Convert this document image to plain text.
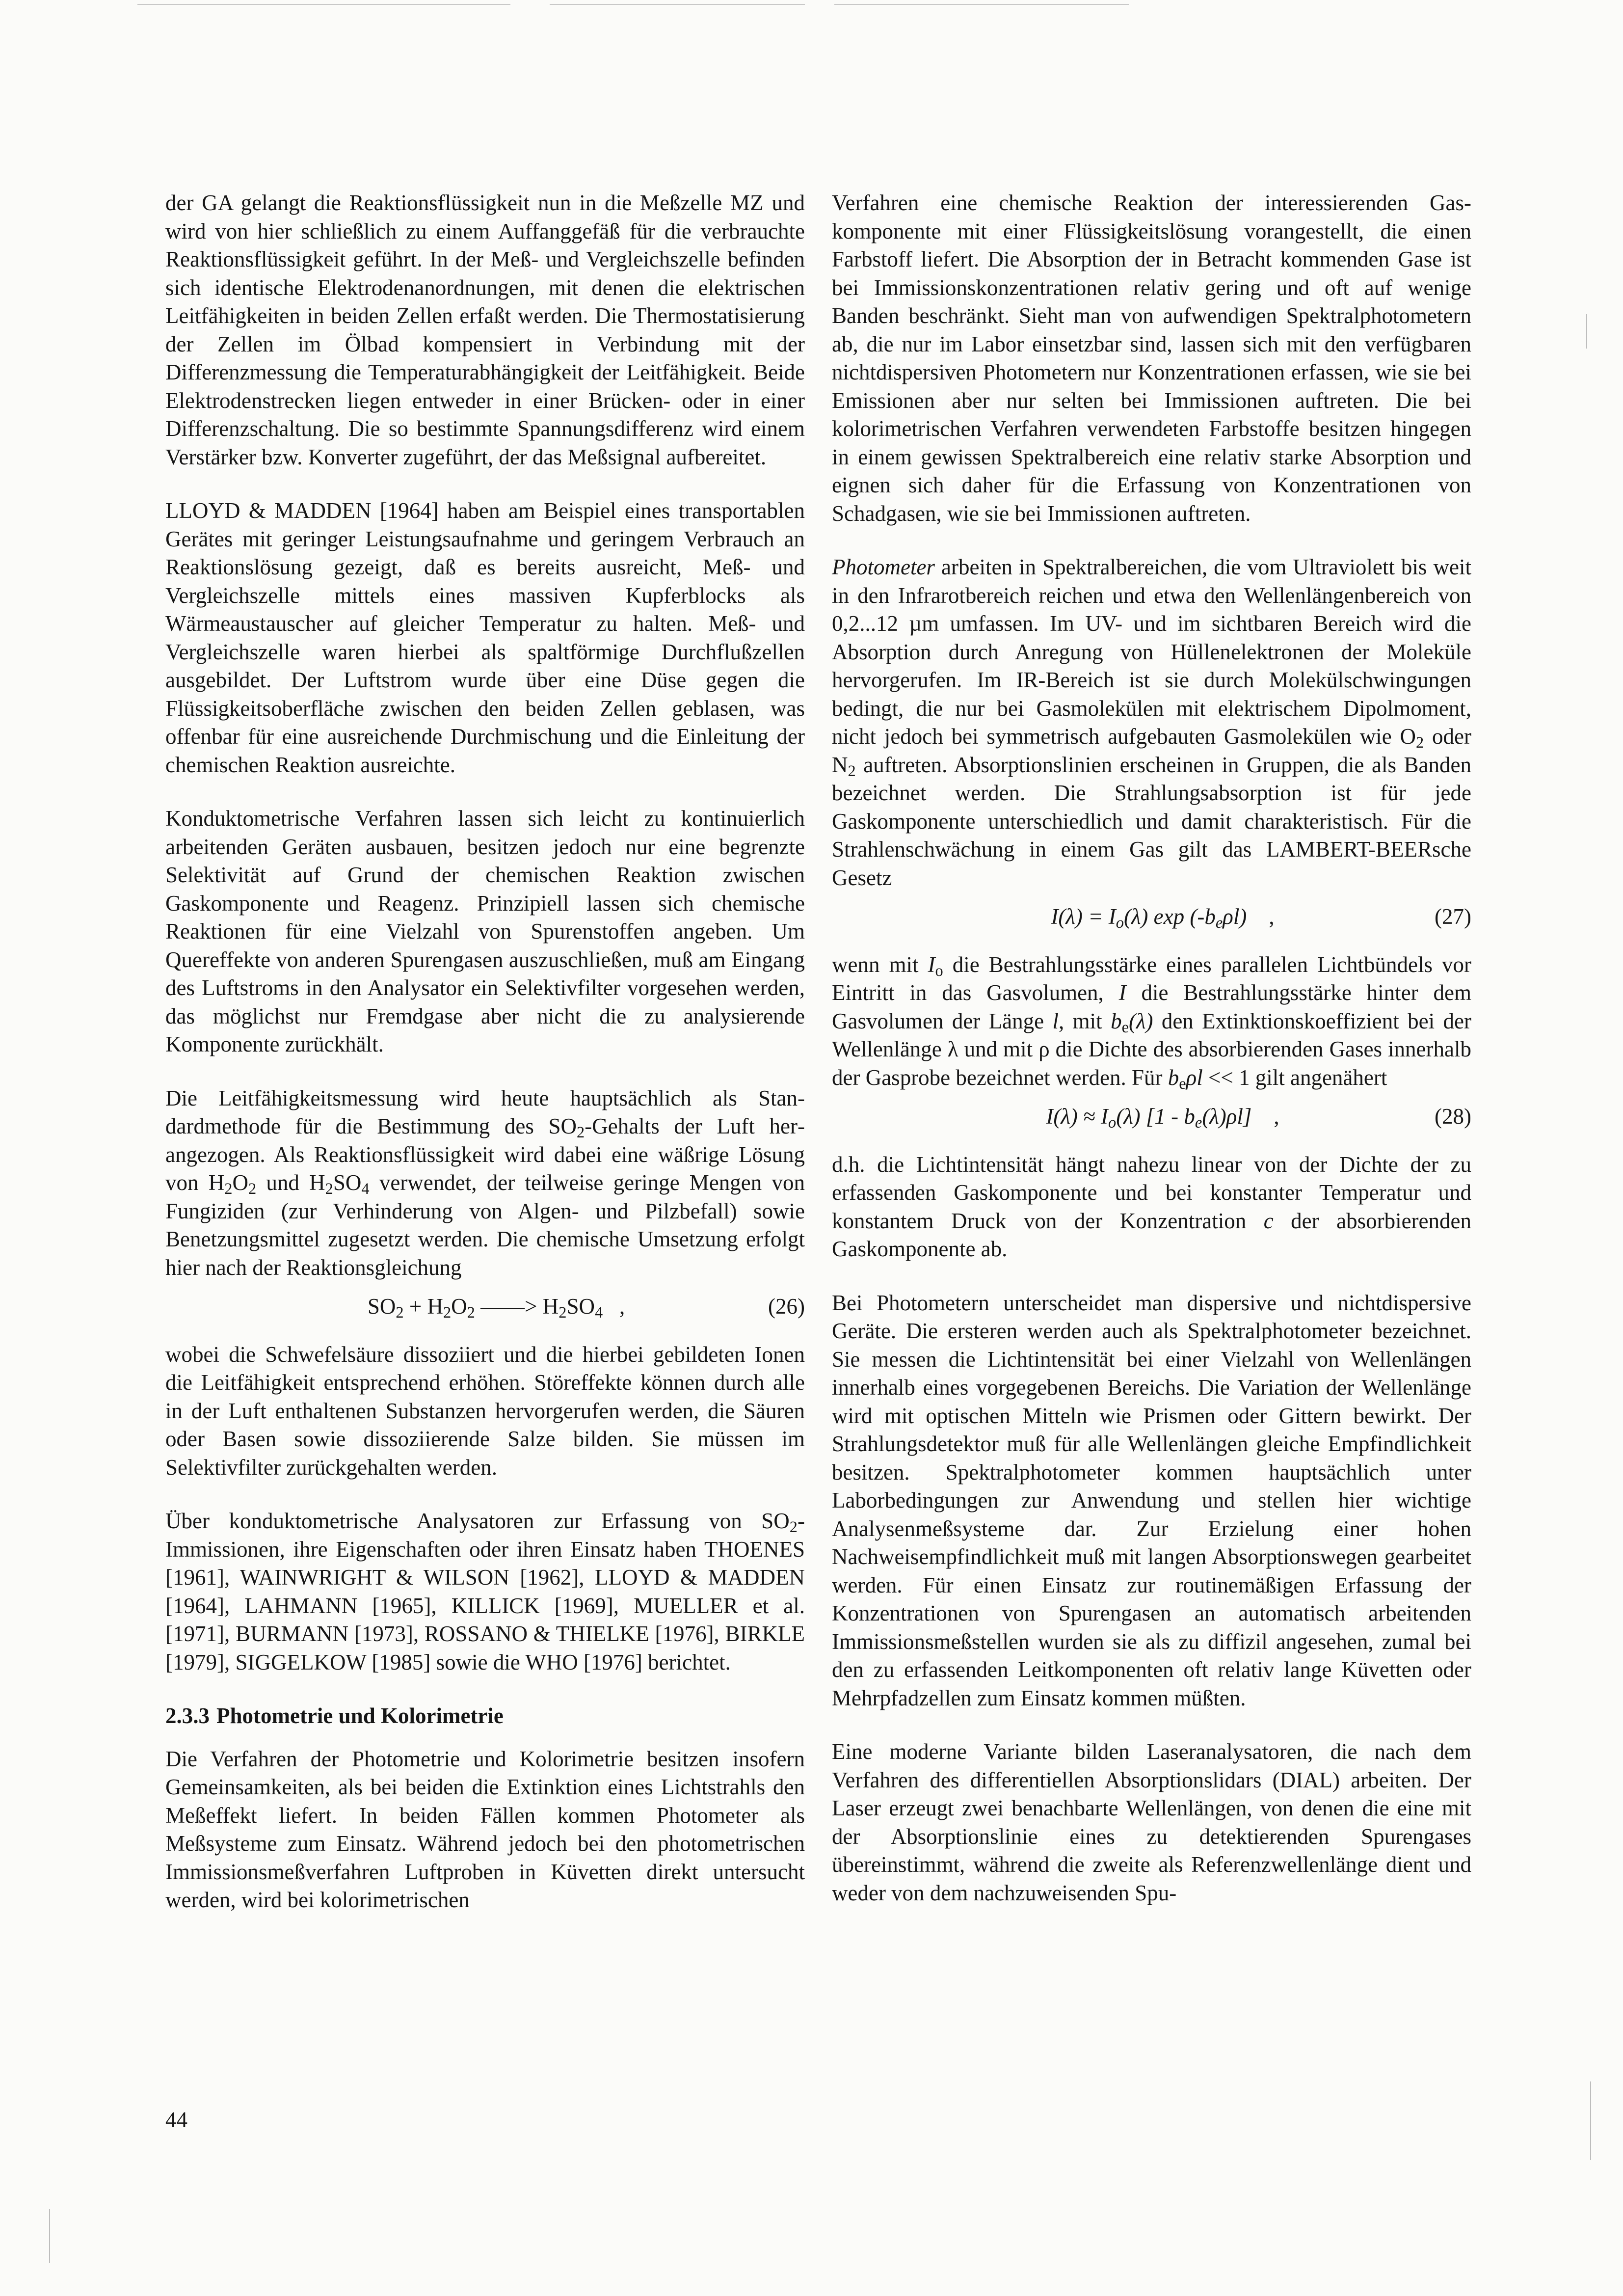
der GA gelangt die Reaktionsflüssigkeit nun in die Meßzelle MZ und wird von hier schließlich zu einem Auffanggefäß für die verbrauchte Reaktionsflüssigkeit geführt. In der Meß- und Vergleichszelle befinden sich identische Elektrodenanordnungen, mit denen die elektrischen Leitfähigkeiten in beiden Zellen erfaßt werden. Die Thermostatisierung der Zellen im Ölbad kompensiert in Verbindung mit der Differenzmessung die Temperaturabhängigkeit der Leitfähigkeit. Beide Elektrodenstrecken liegen entweder in einer Brücken- oder in einer Differenzschaltung. Die so bestimmte Spannungsdifferenz wird einem Verstärker bzw. Konverter zugeführt, der das Meßsignal aufbereitet.

LLOYD & MADDEN [1964] haben am Beispiel eines transportablen Gerätes mit geringer Leistungsaufnahme und geringem Verbrauch an Reaktionslösung gezeigt, daß es bereits ausreicht, Meß- und Vergleichszelle mittels eines massiven Kupferblocks als Wärmeaustauscher auf gleicher Temperatur zu halten. Meß- und Vergleichszelle waren hierbei als spaltförmige Durchflußzellen ausgebildet. Der Luftstrom wurde über eine Düse gegen die Flüssigkeitsoberfläche zwischen den beiden Zellen geblasen, was offenbar für eine ausreichende Durchmischung und die Einleitung der chemischen Reaktion ausreichte.

Konduktometrische Verfahren lassen sich leicht zu kontinuierlich arbeitenden Geräten ausbauen, besitzen jedoch nur eine begrenzte Selektivität auf Grund der chemischen Reaktion zwischen Gaskomponente und Reagenz. Prinzipiell lassen sich chemische Reaktionen für eine Vielzahl von Spurenstoffen angeben. Um Quereffekte von anderen Spurengasen auszuschließen, muß am Eingang des Luftstroms in den Analysator ein Selektivfilter vorgesehen werden, das möglichst nur Fremdgase aber nicht die zu analysierende Komponente zurückhält.

Die Leitfähigkeitsmessung wird heute hauptsächlich als Standardmethode für die Bestimmung des $SO_2$-Gehalts der Luft herangezogen. Als Reaktionsflüssigkeit wird dabei eine wäßrige Lösung von $H_2O_2$ und $H_2SO_4$ verwendet, der teilweise geringe Mengen von Fungiziden (zur Verhinderung von Algen- und Pilzbefall) sowie Benetzungsmittel zugesetzt werden. Die chemische Umsetzung erfolgt hier nach der Reaktionsgleichung

$SO_2 + H_2O_2$ ——> $H_2SO_4$   ,	(26)

wobei die Schwefelsäure dissoziiert und die hierbei gebildeten Ionen die Leitfähigkeit entsprechend erhöhen. Störeffekte können durch alle in der Luft enthaltenen Substanzen hervorgerufen werden, die Säuren oder Basen sowie dissoziierende Salze bilden. Sie müssen im Selektivfilter zurückgehalten werden.

Über konduktometrische Analysatoren zur Erfassung von $SO_2$-Immissionen, ihre Eigenschaften oder ihren Einsatz haben THOENES [1961], WAINWRIGHT & WILSON [1962], LLOYD & MADDEN [1964], LAHMANN [1965], KILLICK [1969], MUELLER et al. [1971], BURMANN [1973], ROSSANO & THIELKE [1976], BIRKLE [1979], SIGGELKOW [1985] sowie die WHO [1976] berichtet.

2.3.3 Photometrie und Kolorimetrie

Die Verfahren der Photometrie und Kolorimetrie besitzen insofern Gemeinsamkeiten, als bei beiden die Extinktion eines Lichtstrahls den Meßeffekt liefert. In beiden Fällen kommen Photometer als Meßsysteme zum Einsatz. Während jedoch bei den photometrischen Immissionsmeßverfahren Luftproben in Küvetten direkt untersucht werden, wird bei kolorimetrischen

Verfahren eine chemische Reaktion der interessierenden Gaskomponente mit einer Flüssigkeitslösung vorangestellt, die einen Farbstoff liefert. Die Absorption der in Betracht kommenden Gase ist bei Immissionskonzentrationen relativ gering und oft auf wenige Banden beschränkt. Sieht man von aufwendigen Spektralphotometern ab, die nur im Labor einsetzbar sind, lassen sich mit den verfügbaren nichtdispersiven Photometern nur Konzentrationen erfassen, wie sie bei Emissionen aber nur selten bei Immissionen auftreten. Die bei kolorimetrischen Verfahren verwendeten Farbstoffe besitzen hingegen in einem gewissen Spektralbereich eine relativ starke Absorption und eignen sich daher für die Erfassung von Konzentrationen von Schadgasen, wie sie bei Immissionen auftreten.

Photometer arbeiten in Spektralbereichen, die vom Ultraviolett bis weit in den Infrarotbereich reichen und etwa den Wellenlängenbereich von 0,2...12 µm umfassen. Im UV- und im sichtbaren Bereich wird die Absorption durch Anregung von Hüllenelektronen der Moleküle hervorgerufen. Im IR-Bereich ist sie durch Molekülschwingungen bedingt, die nur bei Gasmolekülen mit elektrischem Dipolmoment, nicht jedoch bei symmetrisch aufgebauten Gasmolekülen wie $O_2$ oder $N_2$ auftreten. Absorptionslinien erscheinen in Gruppen, die als Banden bezeichnet werden. Die Strahlungsabsorption ist für jede Gaskomponente unterschiedlich und damit charakteristisch. Für die Strahlenschwächung in einem Gas gilt das LAMBERT-BEERsche Gesetz

$I(\lambda) = I_o(\lambda)$ $\exp (-b_e\rho l)$    ,	(27)

wenn mit $I_o$ die Bestrahlungsstärke eines parallelen Lichtbündels vor Eintritt in das Gasvolumen, I die Bestrahlungsstärke hinter dem Gasvolumen der Länge l, mit $b_e(\lambda)$ den Extinktionskoeffizient bei der Wellenlänge λ und mit ρ die Dichte des absorbierenden Gases innerhalb der Gasprobe bezeichnet werden. Für $b_e\rho l << 1$ gilt angenähert

$I(\lambda) \approx I_o(\lambda)$ $[1 - b_e(\lambda)\rho l]$    ,	(28)

d.h. die Lichtintensität hängt nahezu linear von der Dichte der zu erfassenden Gaskomponente und bei konstanter Temperatur und konstantem Druck von der Konzentration c der absorbierenden Gaskomponente ab.

Bei Photometern unterscheidet man dispersive und nichtdispersive Geräte. Die ersteren werden auch als Spektralphotometer bezeichnet. Sie messen die Lichtintensität bei einer Vielzahl von Wellenlängen innerhalb eines vorgegebenen Bereichs. Die Variation der Wellenlänge wird mit optischen Mitteln wie Prismen oder Gittern bewirkt. Der Strahlungsdetektor muß für alle Wellenlängen gleiche Empfindlichkeit besitzen. Spektralphotometer kommen hauptsächlich unter Laborbedingungen zur Anwendung und stellen hier wichtige Analysenmeßsysteme dar. Zur Erzielung einer hohen Nachweisempfindlichkeit muß mit langen Absorptionswegen gearbeitet werden. Für einen Einsatz zur routinemäßigen Erfassung der Konzentrationen von Spurengasen an automatisch arbeitenden Immissionsmeßstellen wurden sie als zu diffizil angesehen, zumal bei den zu erfassenden Leitkomponenten oft relativ lange Küvetten oder Mehrpfadzellen zum Einsatz kommen müßten.

Eine moderne Variante bilden Laseranalysatoren, die nach dem Verfahren des differentiellen Absorptionslidars (DIAL) arbeiten. Der Laser erzeugt zwei benachbarte Wellenlängen, von denen die eine mit der Absorptionslinie eines zu detektierenden Spurengases übereinstimmt, während die zweite als Referenzwellenlänge dient und weder von dem nachzuweisenden Spu-

44
